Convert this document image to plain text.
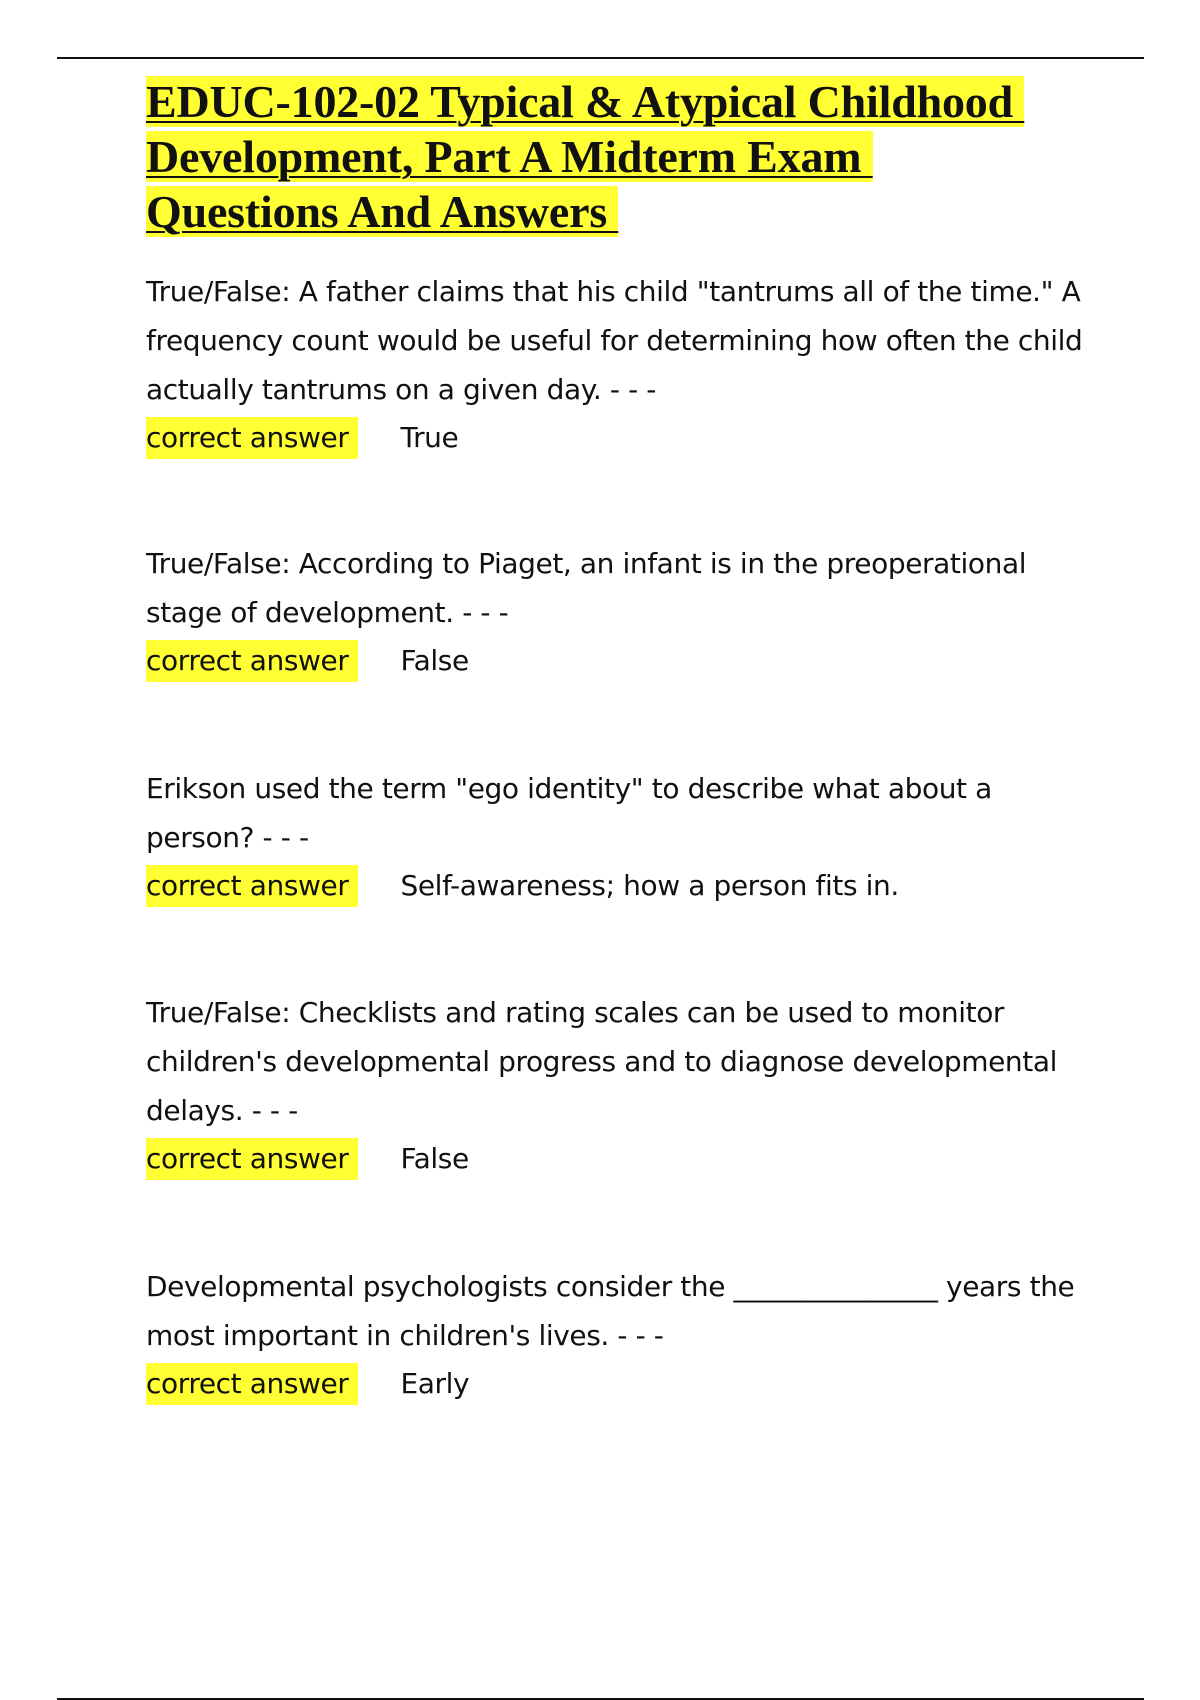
EDUC-102-02 Typical & Atypical Childhood
Development, Part A Midterm Exam
Questions And Answers

True/False: A father claims that his child "tantrums all of the time." A frequency count would be useful for determining how often the child actually tantrums on a given day. - - -

correct answer	True

True/False: According to Piaget, an infant is in the preoperational stage of development. - - -

correct answer	False

Erikson used the term "ego identity" to describe what about a person? - - -

correct answer	Self-awareness; how a person fits in.

True/False: Checklists and rating scales can be used to monitor children's developmental progress and to diagnose developmental delays. - - -

correct answer	False

Developmental psychologists consider the _______________ years the most important in children's lives. - - -

correct answer	Early
